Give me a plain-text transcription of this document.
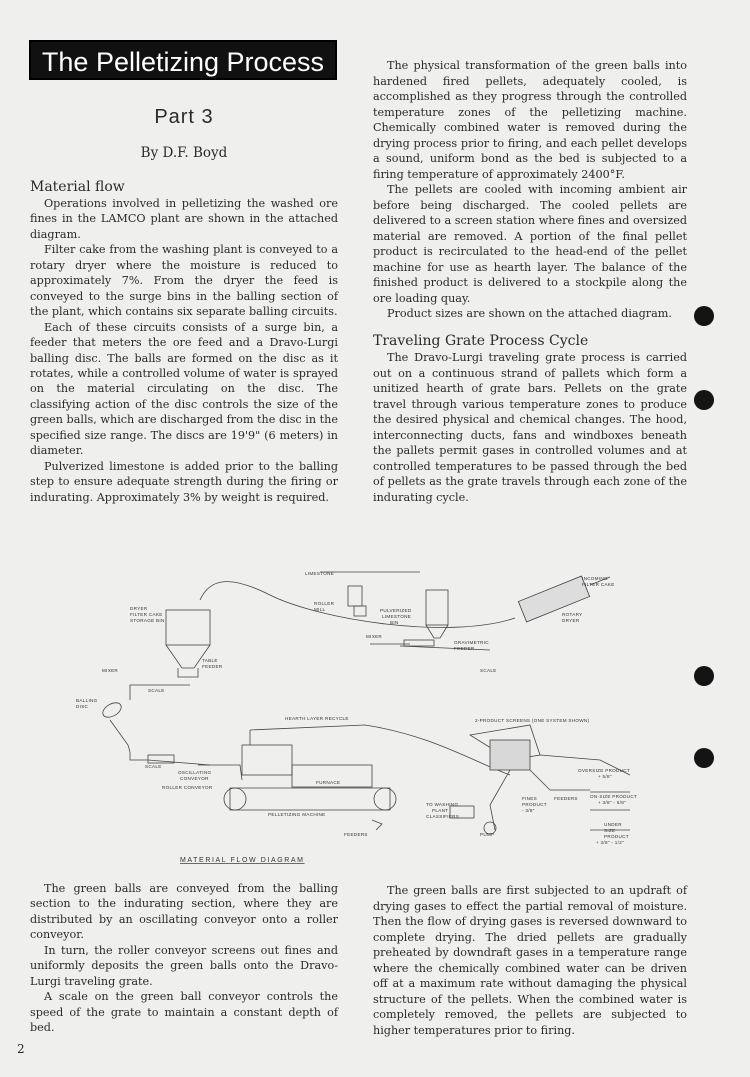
The Pelletizing Process
Part 3
By D.F. Boyd
Material flow

Operations involved in pelletizing the washed ore fines in the LAMCO plant are shown in the attached diagram.

Filter cake from the washing plant is conveyed to a rotary dryer where the moisture is reduced to approximately 7%. From the dryer the feed is conveyed to the surge bins in the balling section of the plant, which contains six separate balling circuits.

Each of these circuits consists of a surge bin, a feeder that meters the ore feed and a Dravo-Lurgi balling disc. The balls are formed on the disc as it rotates, while a controlled volume of water is sprayed on the material circulating on the disc. The classifying action of the disc controls the size of the green balls, which are discharged from the disc in the specified size range. The discs are 19'9" (6 meters) in diameter.

Pulverized limestone is added prior to the balling step to ensure adequate strength during the firing or indurating. Approximately 3% by weight is required.

The physical transformation of the green balls into hardened fired pellets, adequately cooled, is accomplished as they progress through the controlled temperature zones of the pelletizing machine. Chemically combined water is removed during the drying process prior to firing, and each pellet develops a sound, uniform bond as the bed is subjected to a firing temperature of approximately 2400°F.

The pellets are cooled with incoming ambient air before being discharged. The cooled pellets are delivered to a screen station where fines and oversized material are removed. A portion of the final pellet product is recirculated to the head-end of the pellet machine for use as hearth layer. The balance of the finished product is delivered to a stockpile along the ore loading quay.

Product sizes are shown on the attached diagram.

Traveling Grate Process Cycle

The Dravo-Lurgi traveling grate process is carried out on a continuous strand of pallets which form a unitized hearth of grate bars. Pellets on the grate travel through various temperature zones to produce the desired physical and chemical changes. The hood, interconnecting ducts, fans and windboxes beneath the pallets permit gases in controlled volumes and at controlled temperatures to be passed through the bed of pellets as the grate travels through each zone of the indurating cycle.

INCOMING
FILTER CAKE
ROTARY
DRYER
LIMESTONE
ROLLER
MILL	PULVERIZED
LIMESTONE
BIN
DRYER
FILTER CAKE
STORAGE BIN
MIXER
GRAVIMETRIC
FEEDER
SCALE
TABLE
FEEDER
MIXER
BALLING
DISC
SCALE
HEARTH LAYER RECYCLE	2-PRODUCT SCREENS (ONE SYSTEM SHOWN)
SCALE
OSCILLATING
CONVEYOR
ROLLER CONVEYOR
FURNACE
PELLETIZING MACHINE
FEEDERS
TO WASHING
PLANT
CLASSIFIERS
FINES
PRODUCT
- 3/8"
PUMP
FEEDERS
OVERSIZE PRODUCT
+ 5/8"
ON-SIZE PRODUCT
+ 3/8" - 5/8"
UNDER
SIZE
PRODUCT
+ 3/8" - 1/2"
MATERIAL FLOW DIAGRAM

The green balls are conveyed from the balling section to the indurating section, where they are distributed by an oscillating conveyor onto a roller conveyor.

In turn, the roller conveyor screens out fines and uniformly deposits the green balls onto the Dravo-Lurgi traveling grate.

A scale on the green ball conveyor controls the speed of the grate to maintain a constant depth of bed.

The green balls are first subjected to an updraft of drying gases to effect the partial removal of moisture. Then the flow of drying gases is reversed downward to complete drying. The dried pellets are gradually preheated by downdraft gases in a temperature range where the chemically combined water can be driven off at a maximum rate without damaging the physical structure of the pellets. When the combined water is completely removed, the pellets are subjected to higher temperatures prior to firing.

2
